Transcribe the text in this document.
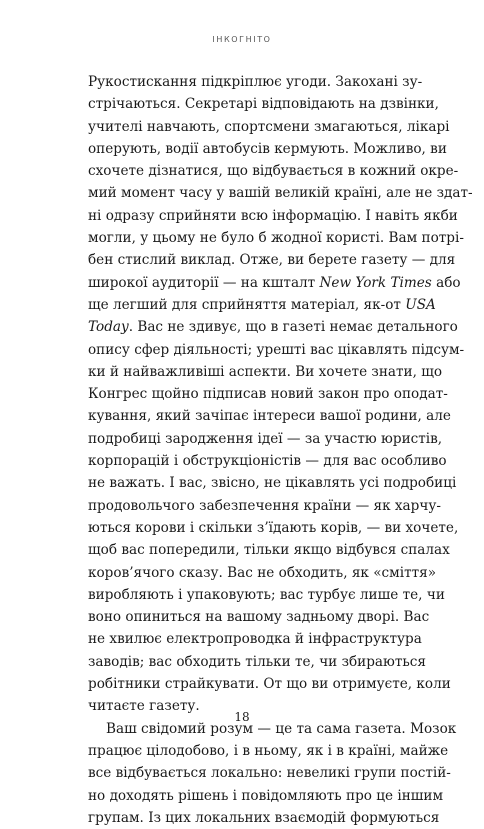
ІНКОГНІТО
Рукостискання підкріплює угоди. Закохані зу-
стрічаються. Секретарі відповідають на дзвінки,
учителі навчають, спортсмени змагаються, лікарі
оперують, водії автобусів кермують. Можливо, ви
схочете дізнатися, що відбувається в кожний окре-
мий момент часу у вашій великій країні, але не здат-
ні одразу сприйняти всю інформацію. І навіть якби
могли, у цьому не було б жодної користі. Вам потрі-
бен стислий виклад. Отже, ви берете газету — для
широкої аудиторії — на кшталт New York Times або
ще легший для сприйняття матеріал, як-от USA
Today. Вас не здивує, що в газеті немає детального
опису сфер діяльності; урешті вас цікавлять підсум-
ки й найважливіші аспекти. Ви хочете знати, що
Конгрес щойно підписав новий закон про оподат-
кування, який зачіпає інтереси вашої родини, але
подробиці зародження ідеї — за участю юристів,
корпорацій і обструкціоністів — для вас особливо
не важать. І вас, звісно, не цікавлять усі подробиці
продовольчого забезпечення країни — як харчу-
ються корови і скільки з’їдають корів, — ви хочете,
щоб вас попередили, тільки якщо відбувся спалах
коров’ячого сказу. Вас не обходить, як «сміття»
виробляють і упаковують; вас турбує лише те, чи
воно опиниться на вашому задньому дворі. Вас
не хвилює електропроводка й інфраструктура
заводів; вас обходить тільки те, чи збираються
робітники страйкувати. От що ви отримуєте, коли
читаєте газету.
Ваш свідомий розум — це та сама газета. Мозок
працює цілодобово, і в ньому, як і в країні, майже
все відбувається локально: невеликі групи постій-
но доходять рішень і повідомляють про це іншим
групам. Із цих локальних взаємодій формуються
18
